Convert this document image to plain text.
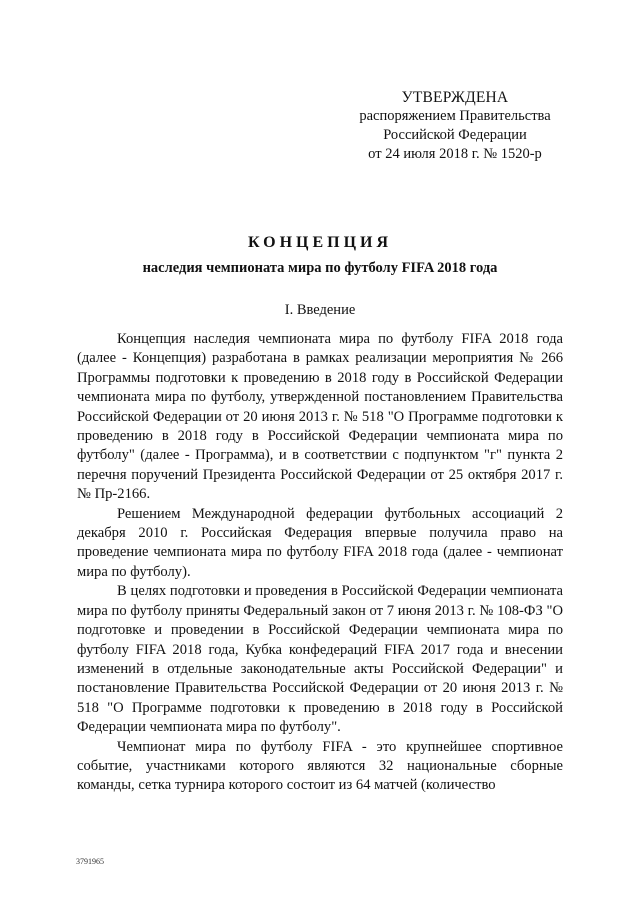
УТВЕРЖДЕНА
распоряжением Правительства
Российской Федерации
от 24 июля 2018 г. № 1520-р
КОНЦЕПЦИЯ
наследия чемпионата мира по футболу FIFA 2018 года
I. Введение

Концепция наследия чемпионата мира по футболу FIFA 2018 года (далее - Концепция) разработана в рамках реализации мероприятия № 266 Программы подготовки к проведению в 2018 году в Российской Федерации чемпионата мира по футболу, утвержденной постановлением Правительства Российской Федерации от 20 июня 2013 г. № 518 "О Программе подготовки к проведению в 2018 году в Российской Федерации чемпионата мира по футболу" (далее - Программа), и в соответствии с подпунктом "г" пункта 2 перечня поручений Президента Российской Федерации от 25 октября 2017 г. № Пр-2166.

Решением Международной федерации футбольных ассоциаций 2 декабря 2010 г. Российская Федерация впервые получила право на проведение чемпионата мира по футболу FIFA 2018 года (далее - чемпионат мира по футболу).

В целях подготовки и проведения в Российской Федерации чемпионата мира по футболу приняты Федеральный закон от 7 июня 2013 г. № 108-ФЗ "О подготовке и проведении в Российской Федерации чемпионата мира по футболу FIFA 2018 года, Кубка конфедераций FIFA 2017 года и внесении изменений в отдельные законодательные акты Российской Федерации" и постановление Правительства Российской Федерации от 20 июня 2013 г. № 518 "О Программе подготовки к проведению в 2018 году в Российской Федерации чемпионата мира по футболу".

Чемпионат мира по футболу FIFA - это крупнейшее спортивное событие, участниками которого являются 32 национальные сборные команды, сетка турнира которого состоит из 64 матчей (количество

3791965
